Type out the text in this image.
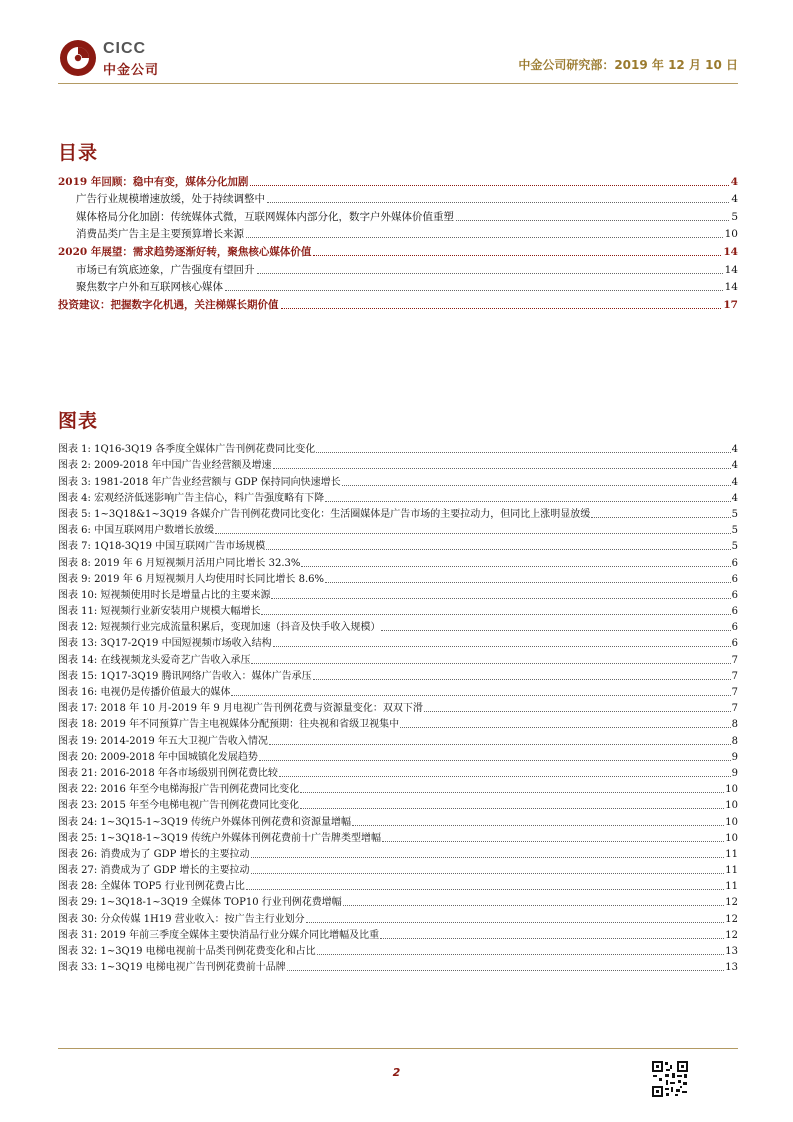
CICC
中金公司	中金公司研究部：2019 年 12 月 10 日
目录
2019 年回顾：稳中有变，媒体分化加剧	4
广告行业规模增速放缓，处于持续调整中	4
媒体格局分化加剧：传统媒体式微，互联网媒体内部分化，数字户外媒体价值重塑	5
消费品类广告主是主要预算增长来源	10
2020 年展望：需求趋势逐渐好转，聚焦核心媒体价值	14
市场已有筑底迹象，广告强度有望回升	14
聚焦数字户外和互联网核心媒体	14
投资建议：把握数字化机遇，关注梯媒长期价值	17
图表
图表 1: 1Q16-3Q19 各季度全媒体广告刊例花费同比变化	4
图表 2: 2009-2018 年中国广告业经营额及增速	4
图表 3: 1981-2018 年广告业经营额与 GDP 保持同向快速增长	4
图表 4: 宏观经济低迷影响广告主信心，料广告强度略有下降	4
图表 5: 1~3Q18&1~3Q19 各媒介广告刊例花费同比变化：生活圈媒体是广告市场的主要拉动力，但同比上涨明显放缓	5
图表 6: 中国互联网用户数增长放缓	5
图表 7: 1Q18-3Q19 中国互联网广告市场规模	5
图表 8: 2019 年 6 月短视频月活用户同比增长 32.3%	6
图表 9: 2019 年 6 月短视频月人均使用时长同比增长 8.6%	6
图表 10: 短视频使用时长是增量占比的主要来源	6
图表 11: 短视频行业新安装用户规模大幅增长	6
图表 12: 短视频行业完成流量积累后，变现加速（抖音及快手收入规模）	6
图表 13: 3Q17-2Q19 中国短视频市场收入结构	6
图表 14: 在线视频龙头爱奇艺广告收入承压	7
图表 15: 1Q17-3Q19 腾讯网络广告收入：媒体广告承压	7
图表 16: 电视仍是传播价值最大的媒体	7
图表 17: 2018 年 10 月-2019 年 9 月电视广告刊例花费与资源量变化：双双下滑	7
图表 18: 2019 年不同预算广告主电视媒体分配预期：往央视和省级卫视集中	8
图表 19: 2014-2019 年五大卫视广告收入情况	8
图表 20: 2009-2018 年中国城镇化发展趋势	9
图表 21: 2016-2018 年各市场级别刊例花费比较	9
图表 22: 2016 年至今电梯海报广告刊例花费同比变化	10
图表 23: 2015 年至今电梯电视广告刊例花费同比变化	10
图表 24: 1~3Q15-1~3Q19 传统户外媒体刊例花费和资源量增幅	10
图表 25: 1~3Q18-1~3Q19 传统户外媒体刊例花费前十广告牌类型增幅	10
图表 26: 消费成为了 GDP 增长的主要拉动	11
图表 27: 消费成为了 GDP 增长的主要拉动	11
图表 28: 全媒体 TOP5 行业刊例花费占比	11
图表 29: 1~3Q18-1~3Q19 全媒体 TOP10 行业刊例花费增幅	12
图表 30: 分众传媒 1H19 营业收入：按广告主行业划分	12
图表 31: 2019 年前三季度全媒体主要快消品行业分媒介同比增幅及比重	12
图表 32: 1~3Q19 电梯电视前十品类刊例花费变化和占比	13
图表 33: 1~3Q19 电梯电视广告刊例花费前十品牌	13
2
